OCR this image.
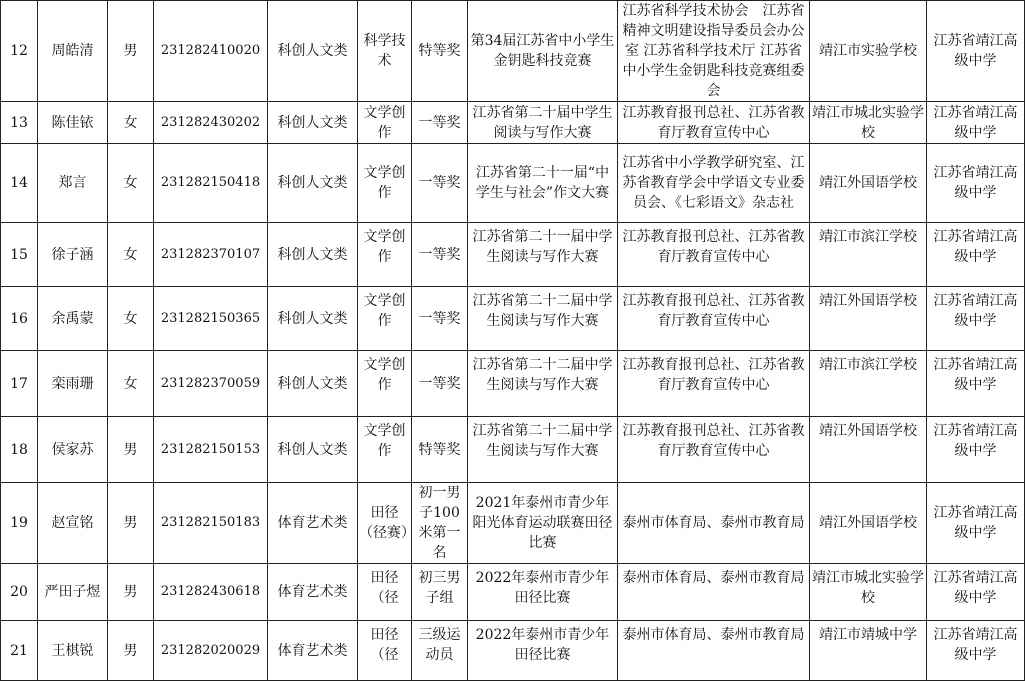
12	周皓清	男	231282410020	科创人文类	科学技术	特等奖	第34届江苏省中小学生金钥匙科技竞赛	江苏省科学技术协会　江苏省精神文明建设指导委员会办公室 江苏省科学技术厅 江苏省中小学生金钥匙科技竞赛组委会	靖江市实验学校	江苏省靖江高级中学
13	陈佳铱	女	231282430202	科创人文类	文学创作	一等奖	江苏省第二十届中学生阅读与写作大赛	江苏教育报刊总社、江苏省教育厅教育宣传中心	靖江市城北实验学校	江苏省靖江高级中学
14	郑言	女	231282150418	科创人文类	文学创作	一等奖	江苏省第二十一届“中学生与社会”作文大赛	江苏省中小学教学研究室、江苏省教育学会中学语文专业委员会、《七彩语文》杂志社	靖江外国语学校	江苏省靖江高级中学
15	徐子涵	女	231282370107	科创人文类	文学创作	一等奖	江苏省第二十一届中学生阅读与写作大赛	江苏教育报刊总社、江苏省教育厅教育宣传中心	靖江市滨江学校	江苏省靖江高级中学
16	余禹蒙	女	231282150365	科创人文类	文学创作	一等奖	江苏省第二十二届中学生阅读与写作大赛	江苏教育报刊总社、江苏省教育厅教育宣传中心	靖江外国语学校	江苏省靖江高级中学
17	栾雨珊	女	231282370059	科创人文类	文学创作	一等奖	江苏省第二十二届中学生阅读与写作大赛	江苏教育报刊总社、江苏省教育厅教育宣传中心	靖江市滨江学校	江苏省靖江高级中学
18	侯家苏	男	231282150153	科创人文类	文学创作	特等奖	江苏省第二十二届中学生阅读与写作大赛	江苏教育报刊总社、江苏省教育厅教育宣传中心	靖江外国语学校	江苏省靖江高级中学
19	赵宣铭	男	231282150183	体育艺术类	田径（径赛）	初一男子100米第一名	2021年泰州市青少年阳光体育运动联赛田径比赛	泰州市体育局、泰州市教育局	靖江外国语学校	江苏省靖江高级中学
20	严田子煜	男	231282430618	体育艺术类	田径（径	初三男子组	2022年泰州市青少年田径比赛	泰州市体育局、泰州市教育局	靖江市城北实验学校	江苏省靖江高级中学
21	王棋锐	男	231282020029	体育艺术类	田径（径	三级运动员	2022年泰州市青少年田径比赛	泰州市体育局、泰州市教育局	靖江市靖城中学	江苏省靖江高级中学
